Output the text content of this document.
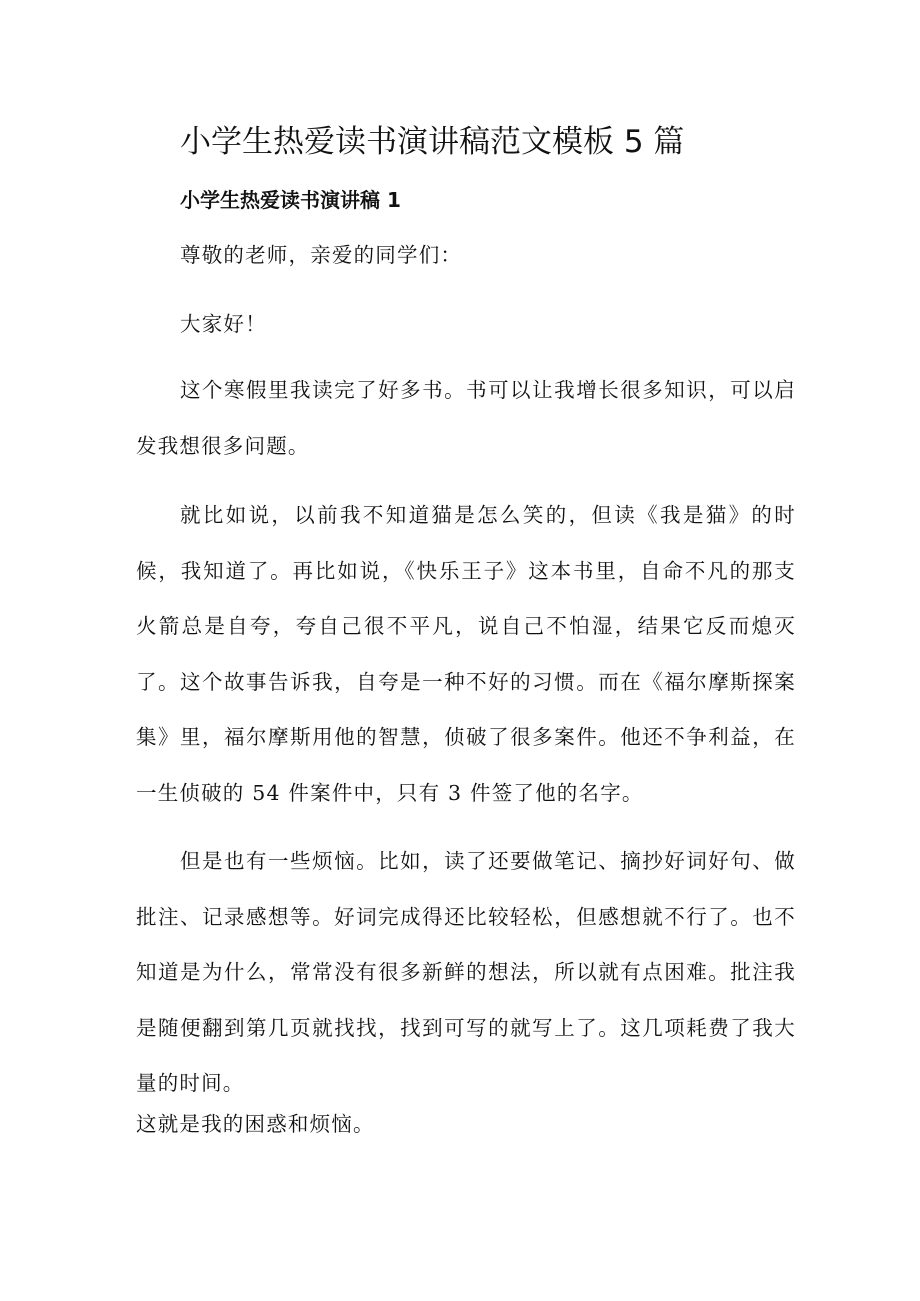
小学生热爱读书演讲稿范文模板 5 篇
小学生热爱读书演讲稿 1

尊敬的老师，亲爱的同学们：

大家好！

这个寒假里我读完了好多书。书可以让我增长很多知识，可以启发我想很多问题。

就比如说，以前我不知道猫是怎么笑的，但读《我是猫》的时候，我知道了。再比如说，《快乐王子》这本书里，自命不凡的那支火箭总是自夸，夸自己很不平凡，说自己不怕湿，结果它反而熄灭了。这个故事告诉我，自夸是一种不好的习惯。而在《福尔摩斯探案集》里，福尔摩斯用他的智慧，侦破了很多案件。他还不争利益，在一生侦破的 54 件案件中，只有 3 件签了他的名字。

但是也有一些烦恼。比如，读了还要做笔记、摘抄好词好句、做批注、记录感想等。好词完成得还比较轻松，但感想就不行了。也不知道是为什么，常常没有很多新鲜的想法，所以就有点困难。批注我是随便翻到第几页就找找，找到可写的就写上了。这几项耗费了我大量的时间。

这就是我的困惑和烦恼。
